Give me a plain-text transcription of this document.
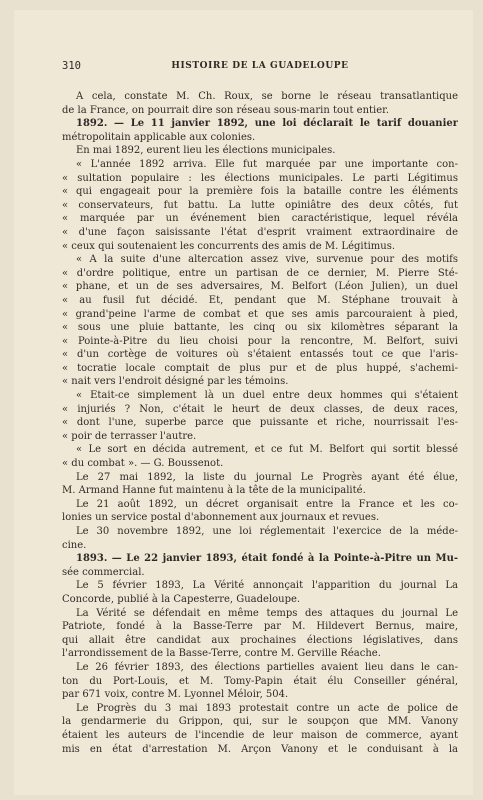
310	HISTOIRE DE LA GUADELOUPE
A cela, constate M. Ch. Roux, se borne le réseau transatlantique
de la France, on pourrait dire son réseau sous-marin tout entier.
1892. — Le 11 janvier 1892, une loi déclarait le tarif douanier
métropolitain applicable aux colonies.
En mai 1892, eurent lieu les élections municipales.
« L'année 1892 arriva. Elle fut marquée par une importante con-
« sultation populaire : les élections municipales. Le parti Légitimus
« qui engageait pour la première fois la bataille contre les éléments
« conservateurs, fut battu. La lutte opiniâtre des deux côtés, fut
« marquée par un événement bien caractéristique, lequel révéla
« d'une façon saisissante l'état d'esprit vraiment extraordinaire de
« ceux qui soutenaient les concurrents des amis de M. Légitimus.
« A la suite d'une altercation assez vive, survenue pour des motifs
« d'ordre politique, entre un partisan de ce dernier, M. Pierre Sté-
« phane, et un de ses adversaires, M. Belfort (Léon Julien), un duel
« au fusil fut décidé. Et, pendant que M. Stéphane trouvait à
« grand'peine l'arme de combat et que ses amis parcouraient à pied,
« sous une pluie battante, les cinq ou six kilomètres séparant la
« Pointe-à-Pitre du lieu choisi pour la rencontre, M. Belfort, suivi
« d'un cortège de voitures où s'étaient entassés tout ce que l'aris-
« tocratie locale comptait de plus pur et de plus huppé, s'achemi-
« nait vers l'endroit désigné par les témoins.
« Etait-ce simplement là un duel entre deux hommes qui s'étaient
« injuriés ? Non, c'était le heurt de deux classes, de deux races,
« dont l'une, superbe parce que puissante et riche, nourrissait l'es-
« poir de terrasser l'autre.
« Le sort en décida autrement, et ce fut M. Belfort qui sortit blessé
« du combat ». — G. Boussenot.
Le 27 mai 1892, la liste du journal Le Progrès ayant été élue,
M. Armand Hanne fut maintenu à la tête de la municipalité.
Le 21 août 1892, un décret organisait entre la France et les co-
lonies un service postal d'abonnement aux journaux et revues.
Le 30 novembre 1892, une loi réglementait l'exercice de la méde-
cine.
1893. — Le 22 janvier 1893, était fondé à la Pointe-à-Pitre un Mu-
sée commercial.
Le 5 février 1893, La Vérité annonçait l'apparition du journal La
Concorde, publié à la Capesterre, Guadeloupe.
La Vérité se défendait en même temps des attaques du journal Le
Patriote, fondé à la Basse-Terre par M. Hildevert Bernus, maire,
qui allait être candidat aux prochaines élections législatives, dans
l'arrondissement de la Basse-Terre, contre M. Gerville Réache.
Le 26 février 1893, des élections partielles avaient lieu dans le can-
ton du Port-Louis, et M. Tomy-Papin était élu Conseiller général,
par 671 voix, contre M. Lyonnel Méloir, 504.
Le Progrès du 3 mai 1893 protestait contre un acte de police de
la gendarmerie du Grippon, qui, sur le soupçon que MM. Vanony
étaient les auteurs de l'incendie de leur maison de commerce, ayant
mis en état d'arrestation M. Arçon Vanony et le conduisant à la
